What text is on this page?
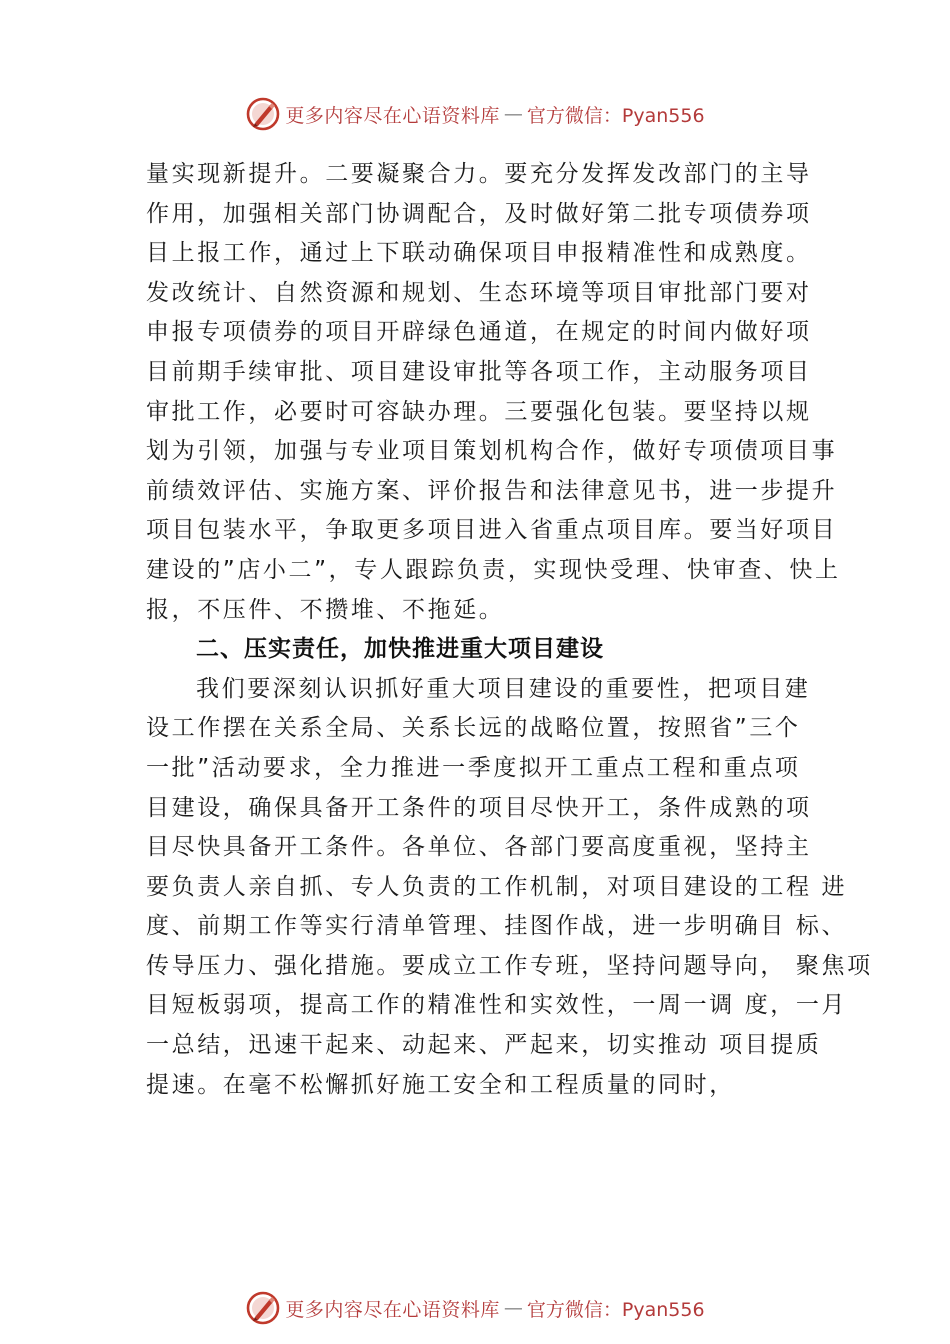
更多内容尽在心语资料库 — 官方微信：Pyan556
量实现新提升。二要凝聚合力。要充分发挥发改部门的主导
作用，加强相关部门协调配合，及时做好第二批专项债券项
目上报工作，通过上下联动确保项目申报精准性和成熟度。
发改统计、自然资源和规划、生态环境等项目审批部门要对
申报专项债券的项目开辟绿色通道，在规定的时间内做好项
目前期手续审批、项目建设审批等各项工作，主动服务项目
审批工作，必要时可容缺办理。三要强化包装。要坚持以规
划为引领，加强与专业项目策划机构合作，做好专项债项目事
前绩效评估、实施方案、评价报告和法律意见书，进一步提升
项目包装水平，争取更多项目进入省重点项目库。要当好项目
建设的”店小二”，专人跟踪负责，实现快受理、快审查、快上
报，不压件、不攒堆、不拖延。
二、压实责任，加快推进重大项目建设
我们要深刻认识抓好重大项目建设的重要性，把项目建
设工作摆在关系全局、关系长远的战略位置，按照省”三个
一批”活动要求，全力推进一季度拟开工重点工程和重点项
目建设，确保具备开工条件的项目尽快开工，条件成熟的项
目尽快具备开工条件。各单位、各部门要高度重视，坚持主
要负责人亲自抓、专人负责的工作机制，对项目建设的工程 进
度、前期工作等实行清单管理、挂图作战，进一步明确目 标、
传导压力、强化措施。要成立工作专班，坚持问题导向， 聚焦项
目短板弱项，提高工作的精准性和实效性，一周一调 度，一月
一总结，迅速干起来、动起来、严起来，切实推动 项目提质
提速。在毫不松懈抓好施工安全和工程质量的同时，
更多内容尽在心语资料库 — 官方微信：Pyan556
